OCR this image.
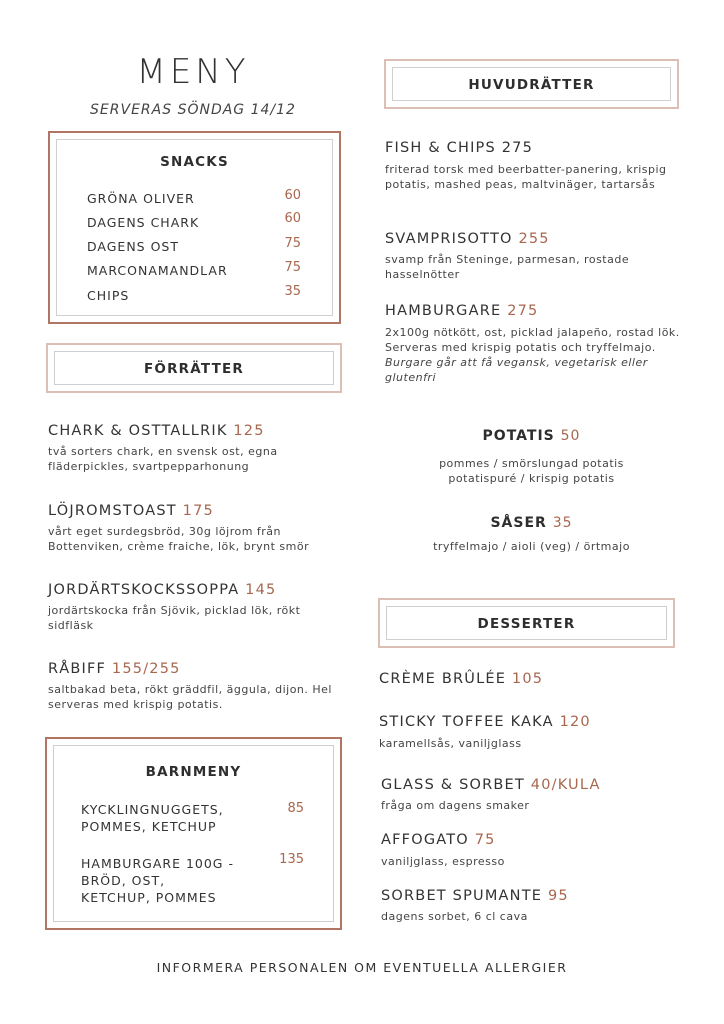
MENY
SERVERAS SÖNDAG 14/12
SNACKS
GRÖNA OLIVER	60
DAGENS CHARK	60
DAGENS OST	75
MARCONAMANDLAR	75
CHIPS	35
FÖRRÄTTER
CHARK & OSTTALLRIK 125
två sorters chark, en svensk ost, egna fläderpickles, svartpepparhonung
LÖJROMSTOAST 175
vårt eget surdegsbröd, 30g löjrom från Bottenviken, crème fraiche, lök, brynt smör
JORDÄRTSKOCKSSOPPA 145
jordärtskocka från Sjövik, picklad lök, rökt sidfläsk
RÅBIFF 155/255
saltbakad beta, rökt gräddfil, äggula, dijon. Hel serveras med krispig potatis.
BARNMENY
KYCKLINGNUGGETS,
POMMES, KETCHUP
85
HAMBURGARE 100G -
BRÖD, OST,
KETCHUP, POMMES
135
HUVUDRÄTTER
FISH & CHIPS 275
friterad torsk med beerbatter-panering, krispig potatis, mashed peas, maltvinäger, tartarsås
SVAMPRISOTTO 255
svamp från Steninge, parmesan, rostade hasselnötter
HAMBURGARE 275
2x100g nötkött, ost, picklad jalapeño, rostad lök. Serveras med krispig potatis och tryffelmajo. Burgare går att få vegansk, vegetarisk eller glutenfri
POTATIS 50
pommes / smörslungad potatis
potatispuré / krispig potatis
SÅSER 35
tryffelmajo / aioli (veg) / örtmajo
DESSERTER
CRÈME BRÛLÉE 105
STICKY TOFFEE KAKA 120
karamellsås, vaniljglass
GLASS & SORBET 40/KULA
fråga om dagens smaker
AFFOGATO 75
vaniljglass, espresso
SORBET SPUMANTE 95
dagens sorbet, 6 cl cava
INFORMERA PERSONALEN OM EVENTUELLA ALLERGIER
